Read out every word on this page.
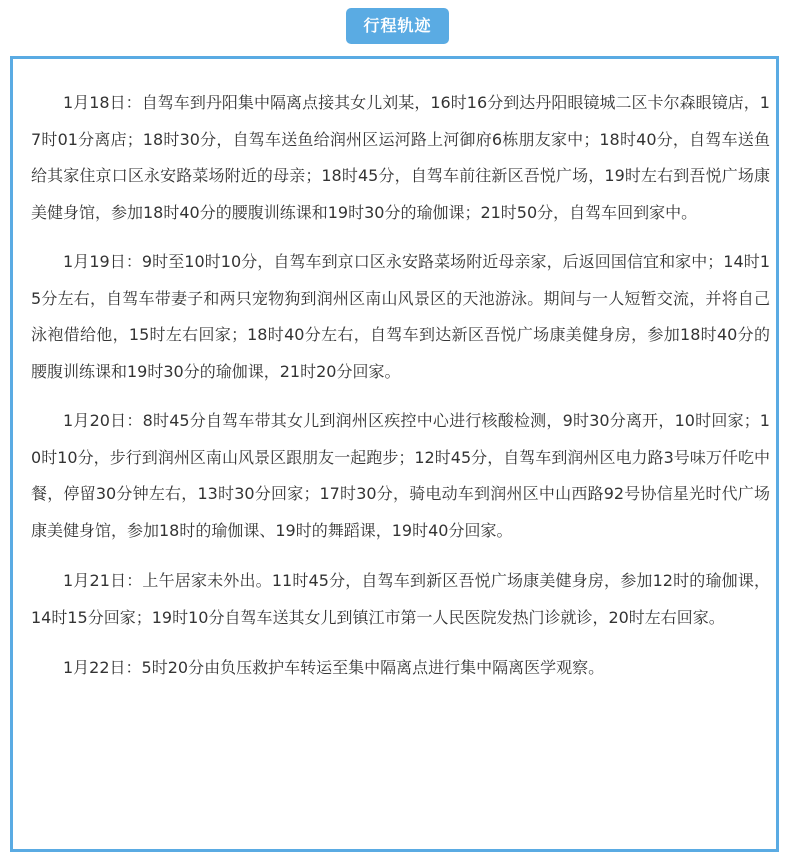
行程轨迹

1月18日：自驾车到丹阳集中隔离点接其女儿刘某，16时16分到达丹阳眼镜城二区卡尔森眼镜店，17时01分离店；18时30分，自驾车送鱼给润州区运河路上河御府6栋朋友家中；18时40分，自驾车送鱼给其家住京口区永安路菜场附近的母亲；18时45分，自驾车前往新区吾悦广场，19时左右到吾悦广场康美健身馆，参加18时40分的腰腹训练课和19时30分的瑜伽课；21时50分，自驾车回到家中。

1月19日：9时至10时10分，自驾车到京口区永安路菜场附近母亲家，后返回国信宜和家中；14时15分左右，自驾车带妻子和两只宠物狗到润州区南山风景区的天池游泳。期间与一人短暂交流，并将自己泳袍借给他，15时左右回家；18时40分左右，自驾车到达新区吾悦广场康美健身房，参加18时40分的腰腹训练课和19时30分的瑜伽课，21时20分回家。

1月20日：8时45分自驾车带其女儿到润州区疾控中心进行核酸检测，9时30分离开，10时回家；10时10分，步行到润州区南山风景区跟朋友一起跑步；12时45分，自驾车到润州区电力路3号味万仟吃中餐，停留30分钟左右，13时30分回家；17时30分，骑电动车到润州区中山西路92号协信星光时代广场康美健身馆，参加18时的瑜伽课、19时的舞蹈课，19时40分回家。

1月21日：上午居家未外出。11时45分，自驾车到新区吾悦广场康美健身房，参加12时的瑜伽课，14时15分回家；19时10分自驾车送其女儿到镇江市第一人民医院发热门诊就诊，20时左右回家。

1月22日：5时20分由负压救护车转运至集中隔离点进行集中隔离医学观察。
